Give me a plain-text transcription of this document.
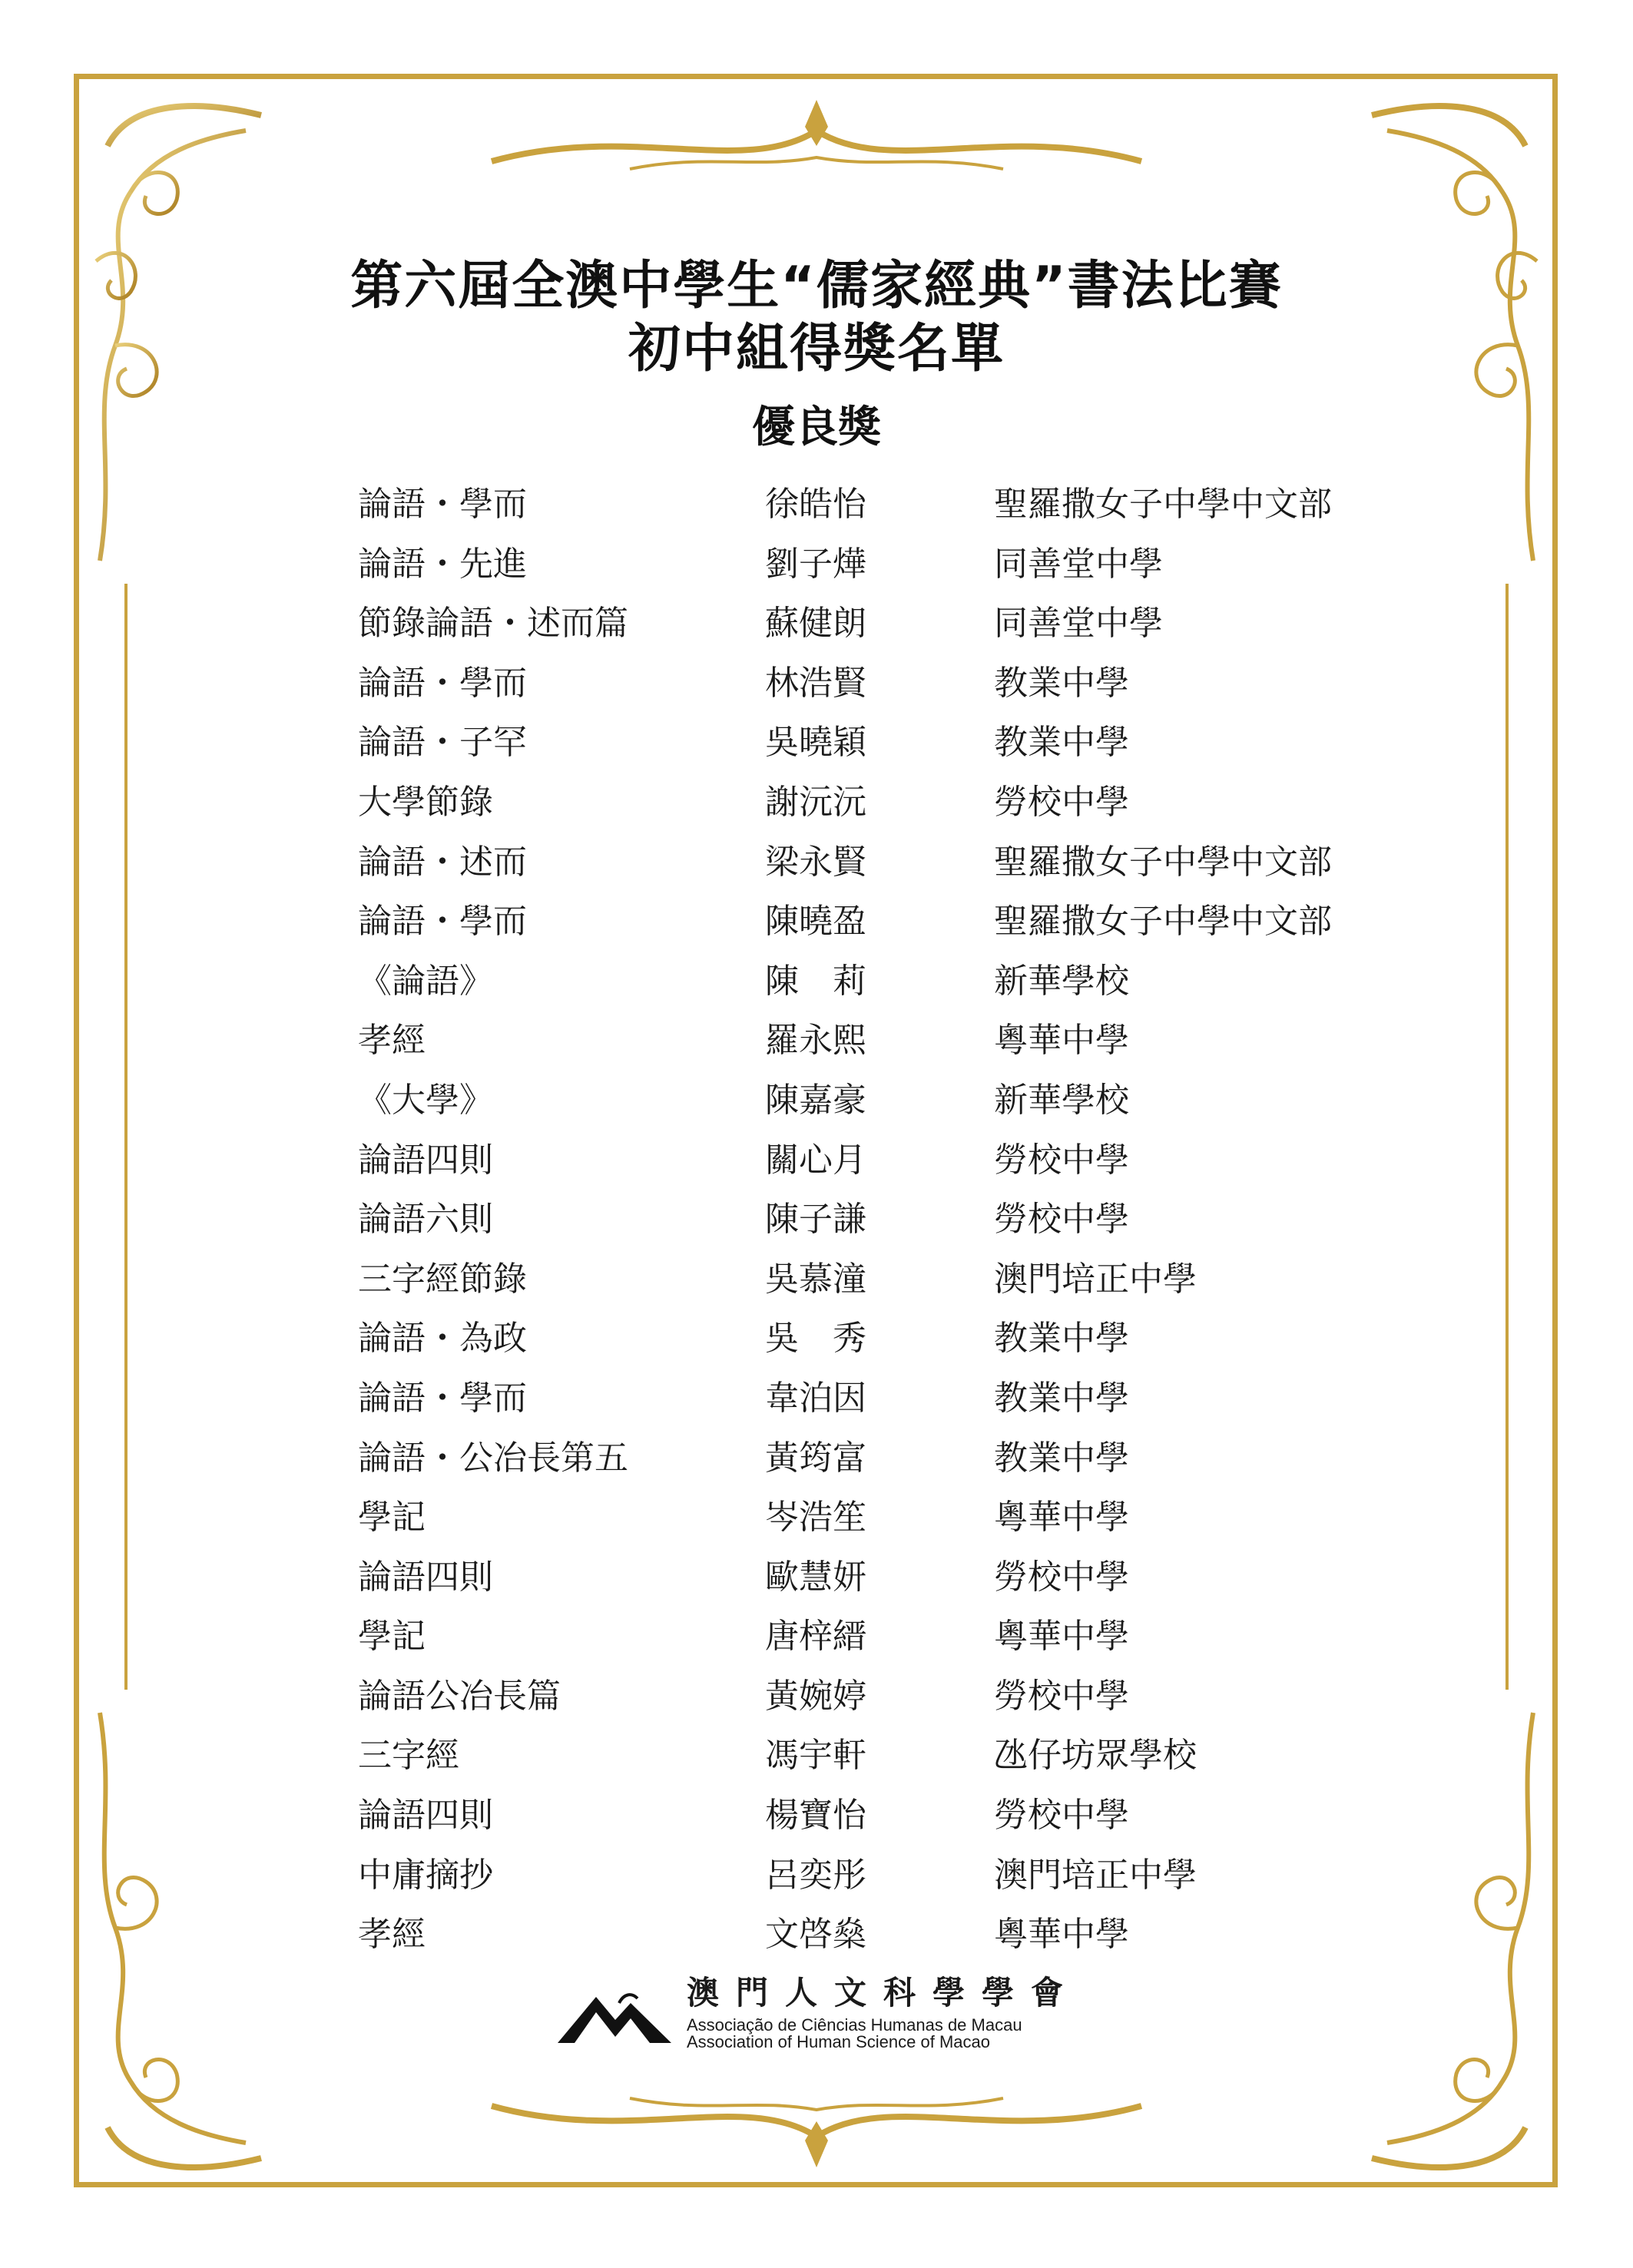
第六屆全澳中學生“儒家經典”書法比賽
初中組得獎名單
優良獎
論語・學而	徐皓怡	聖羅撒女子中學中文部
論語・先進	劉子燁	同善堂中學
節錄論語・述而篇	蘇健朗	同善堂中學
論語・學而	林浩賢	教業中學
論語・子罕	吳曉穎	教業中學
大學節錄	謝沅沅	勞校中學
論語・述而	梁永賢	聖羅撒女子中學中文部
論語・學而	陳曉盈	聖羅撒女子中學中文部
《論語》	陳　莉	新華學校
孝經	羅永熙	粵華中學
《大學》	陳嘉豪	新華學校
論語四則	關心月	勞校中學
論語六則	陳子謙	勞校中學
三字經節錄	吳慕潼	澳門培正中學
論語・為政	吳　秀	教業中學
論語・學而	韋泊因	教業中學
論語・公冶長第五	黃筠富	教業中學
學記	岑浩笙	粵華中學
論語四則	歐慧妍	勞校中學
學記	唐梓縉	粵華中學
論語公冶長篇	黃婉婷	勞校中學
三字經	馮宇軒	氹仔坊眾學校
論語四則	楊寶怡	勞校中學
中庸摘抄	呂奕彤	澳門培正中學
孝經	文啓燊	粵華中學
澳門人文科學學會
Associação de Ciências Humanas de Macau
Association of Human Science of Macao
